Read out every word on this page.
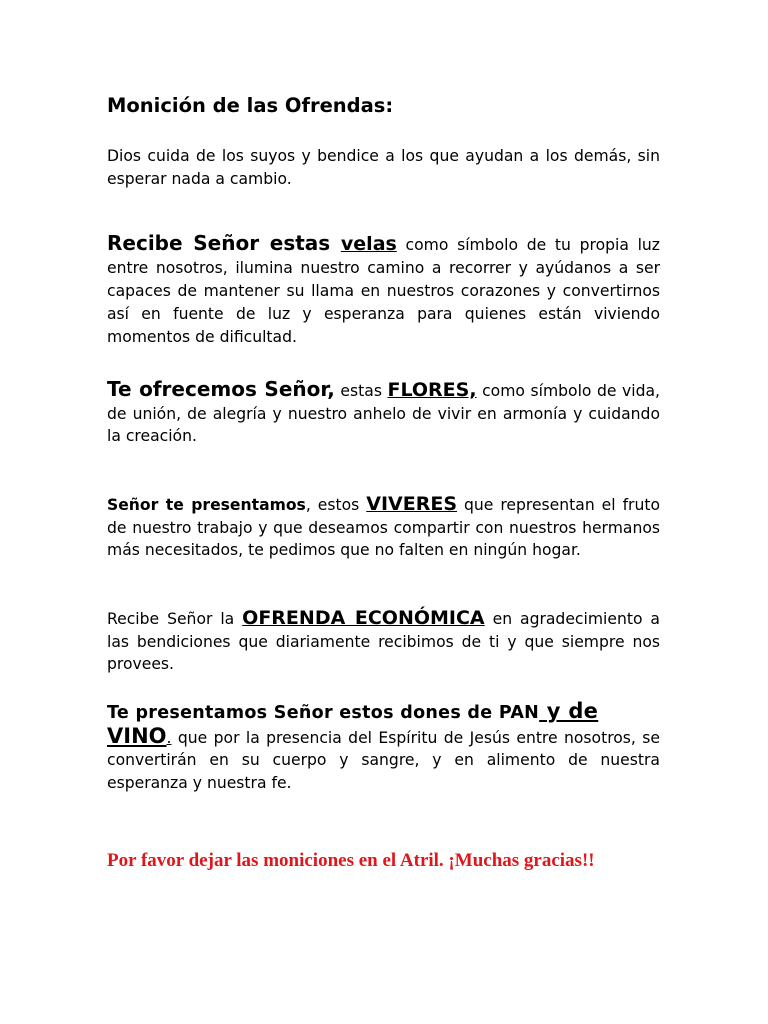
Monición de las Ofrendas:

Dios cuida de los suyos y bendice a los que ayudan a los demás, sin esperar nada a cambio.

Recibe Señor estas velas como símbolo de tu propia luz entre nosotros, ilumina nuestro camino a recorrer y ayúdanos a ser capaces de mantener su llama en nuestros corazones y convertirnos así en fuente de luz y esperanza para quienes están viviendo momentos de dificultad.

Te ofrecemos Señor, estas FLORES, como símbolo de vida, de unión, de alegría y nuestro anhelo de vivir en armonía y cuidando la creación.

Señor te presentamos, estos VIVERES que representan el fruto de nuestro trabajo y que deseamos compartir con nuestros hermanos más necesitados, te pedimos que no falten en ningún hogar.

Recibe Señor la OFRENDA ECONÓMICA en agradecimiento a las bendiciones que diariamente recibimos de ti y que siempre nos provees.

Te presentamos Señor estos dones de PAN y de
VINO. que por la presencia del Espíritu de Jesús entre nosotros, se convertirán en su cuerpo y sangre, y en alimento de nuestra esperanza y nuestra fe.

Por favor dejar las moniciones en el Atril. ¡Muchas gracias!!
